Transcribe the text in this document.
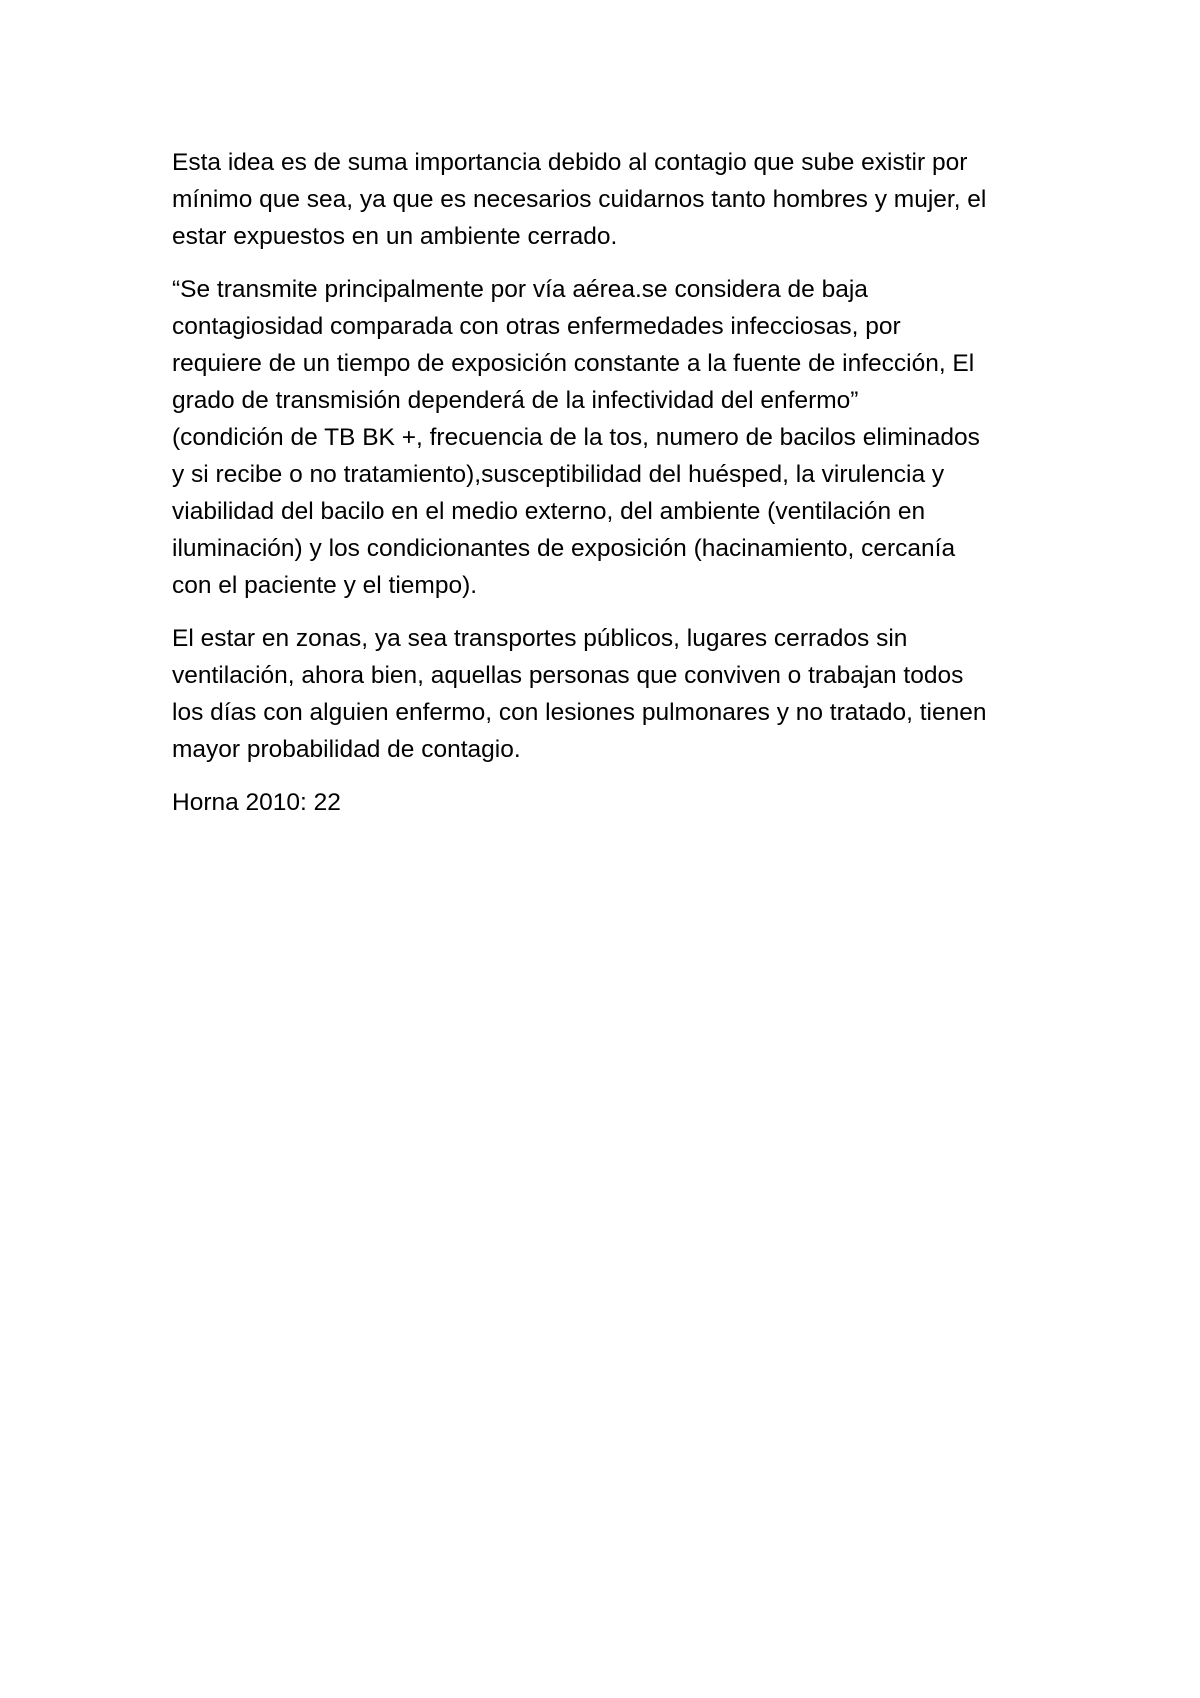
Esta idea es de suma importancia debido al contagio que sube existir por
mínimo que sea, ya que es necesarios cuidarnos tanto hombres y mujer, el
estar expuestos en un ambiente cerrado.

“Se transmite principalmente por vía aérea.se considera de baja
contagiosidad comparada con otras enfermedades infecciosas, por
requiere de un tiempo de exposición constante a la fuente de infección, El
grado de transmisión dependerá de la infectividad del enfermo”
(condición de TB BK +, frecuencia de la tos, numero de bacilos eliminados
y si recibe o no tratamiento),susceptibilidad del huésped, la virulencia y
viabilidad del bacilo en el medio externo, del ambiente (ventilación en
iluminación) y los condicionantes de exposición (hacinamiento, cercanía
con el paciente y el tiempo).

El estar en zonas, ya sea transportes públicos, lugares cerrados sin
ventilación, ahora bien, aquellas personas que conviven o trabajan todos
los días con alguien enfermo, con lesiones pulmonares y no tratado, tienen
mayor probabilidad de contagio.

Horna 2010: 22
